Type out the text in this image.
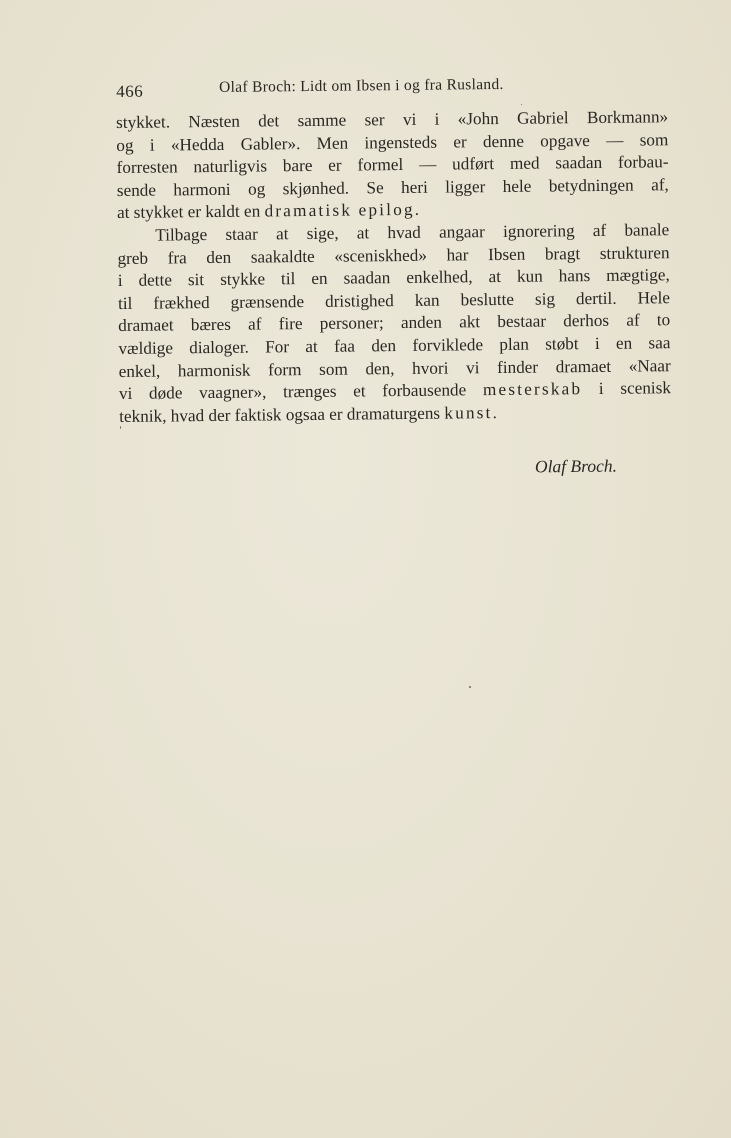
466	Olaf Broch: Lidt om Ibsen i og fra Rusland.
stykket. Næsten det samme ser vi i «John Gabriel Borkmann»
og i «Hedda Gabler». Men ingensteds er denne opgave — som
forresten naturligvis bare er formel — udført med saadan forbau-
sende harmoni og skjønhed. Se heri ligger hele betydningen af,
at stykket er kaldt en dramatisk epilog.
Tilbage staar at sige, at hvad angaar ignorering af banale
greb fra den saakaldte «sceniskhed» har Ibsen bragt strukturen
i dette sit stykke til en saadan enkelhed, at kun hans mægtige,
til frækhed grænsende dristighed kan beslutte sig dertil. Hele
dramaet bæres af fire personer; anden akt bestaar derhos af to
vældige dialoger. For at faa den forviklede plan støbt i en saa
enkel, harmonisk form som den, hvori vi finder dramaet «Naar
vi døde vaagner», trænges et forbausende mesterskab i scenisk
teknik, hvad der faktisk ogsaa er dramaturgens kunst.
Olaf Broch.
